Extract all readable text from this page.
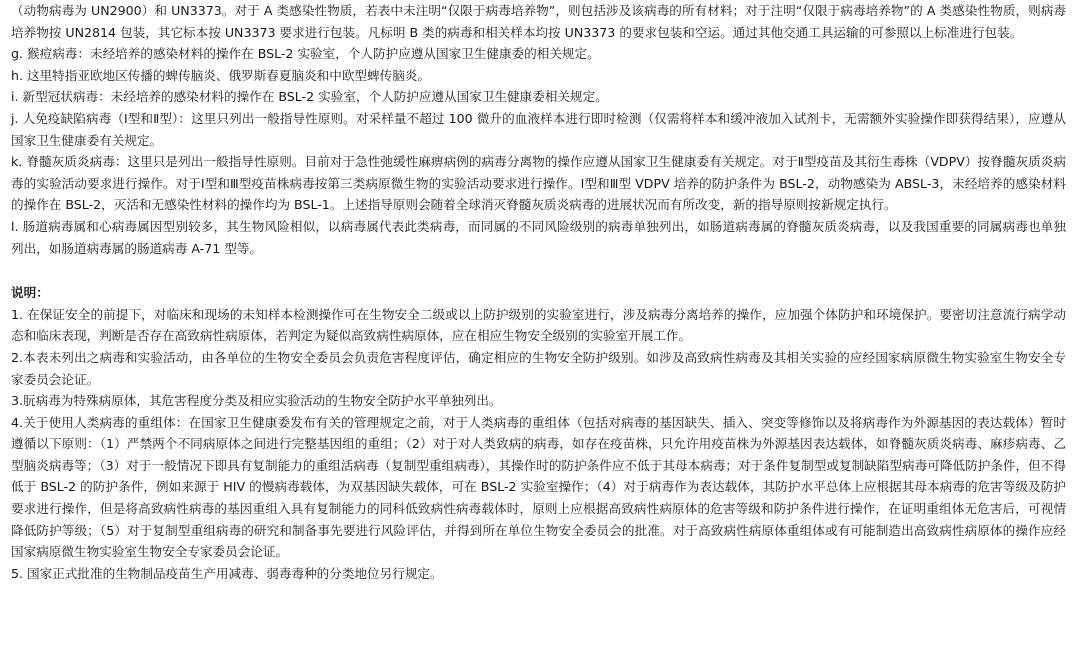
（动物病毒为 UN2900）和 UN3373。对于 A 类感染性物质，若表中未注明“仅限于病毒培养物”，则包括涉及该病毒的所有材料；对于注明“仅限于病毒培养物”的 A 类感染性物质，则病毒培养物按 UN2814 包装，其它标本按 UN3373 要求进行包装。凡标明 B 类的病毒和相关样本均按 UN3373 的要求包装和空运。通过其他交通工具运输的可参照以上标准进行包装。

g. 猴痘病毒：未经培养的感染材料的操作在 BSL-2 实验室，个人防护应遵从国家卫生健康委的相关规定。

h. 这里特指亚欧地区传播的蜱传脑炎、俄罗斯春夏脑炎和中欧型蜱传脑炎。

i. 新型冠状病毒：未经培养的感染材料的操作在 BSL-2 实验室，个人防护应遵从国家卫生健康委相关规定。

j. 人免疫缺陷病毒（Ⅰ型和Ⅱ型）：这里只列出一般指导性原则。对采样量不超过 100 微升的血液样本进行即时检测（仅需将样本和缓冲液加入试剂卡，无需额外实验操作即获得结果），应遵从国家卫生健康委有关规定。

k. 脊髓灰质炎病毒：这里只是列出一般指导性原则。目前对于急性弛缓性麻痹病例的病毒分离物的操作应遵从国家卫生健康委有关规定。对于Ⅱ型疫苗及其衍生毒株（VDPV）按脊髓灰质炎病毒的实验活动要求进行操作。对于Ⅰ型和Ⅲ型疫苗株病毒按第三类病原微生物的实验活动要求进行操作。Ⅰ型和Ⅲ型 VDPV 培养的防护条件为 BSL-2，动物感染为 ABSL-3，未经培养的感染材料的操作在 BSL-2，灭活和无感染性材料的操作均为 BSL-1。上述指导原则会随着全球消灭脊髓灰质炎病毒的进展状况而有所改变，新的指导原则按新规定执行。

l. 肠道病毒属和心病毒属因型别较多，其生物风险相似，以病毒属代表此类病毒，而同属的不同风险级别的病毒单独列出，如肠道病毒属的脊髓灰质炎病毒，以及我国重要的同属病毒也单独列出，如肠道病毒属的肠道病毒 A-71 型等。

说明：

1. 在保证安全的前提下，对临床和现场的未知样本检测操作可在生物安全二级或以上防护级别的实验室进行，涉及病毒分离培养的操作，应加强个体防护和环境保护。要密切注意流行病学动态和临床表现，判断是否存在高致病性病原体，若判定为疑似高致病性病原体，应在相应生物安全级别的实验室开展工作。

2.本表未列出之病毒和实验活动，由各单位的生物安全委员会负责危害程度评估，确定相应的生物安全防护级别。如涉及高致病性病毒及其相关实验的应经国家病原微生物实验室生物安全专家委员会论证。

3.朊病毒为特殊病原体，其危害程度分类及相应实验活动的生物安全防护水平单独列出。

4.关于使用人类病毒的重组体：在国家卫生健康委发布有关的管理规定之前，对于人类病毒的重组体（包括对病毒的基因缺失、插入、突变等修饰以及将病毒作为外源基因的表达载体）暂时遵循以下原则：（1）严禁两个不同病原体之间进行完整基因组的重组；（2）对于对人类致病的病毒，如存在疫苗株，只允许用疫苗株为外源基因表达载体，如脊髓灰质炎病毒、麻疹病毒、乙型脑炎病毒等；（3）对于一般情况下即具有复制能力的重组活病毒（复制型重组病毒），其操作时的防护条件应不低于其母本病毒；对于条件复制型或复制缺陷型病毒可降低防护条件，但不得低于 BSL-2 的防护条件，例如来源于 HIV 的慢病毒载体，为双基因缺失载体，可在 BSL-2 实验室操作；（4）对于病毒作为表达载体，其防护水平总体上应根据其母本病毒的危害等级及防护要求进行操作，但是将高致病性病毒的基因重组入具有复制能力的同科低致病性病毒载体时，原则上应根据高致病性病原体的危害等级和防护条件进行操作，在证明重组体无危害后，可视情降低防护等级；（5）对于复制型重组病毒的研究和制备事先要进行风险评估，并得到所在单位生物安全委员会的批准。对于高致病性病原体重组体或有可能制造出高致病性病原体的操作应经国家病原微生物实验室生物安全专家委员会论证。

5. 国家正式批准的生物制品疫苗生产用减毒、弱毒毒种的分类地位另行规定。
